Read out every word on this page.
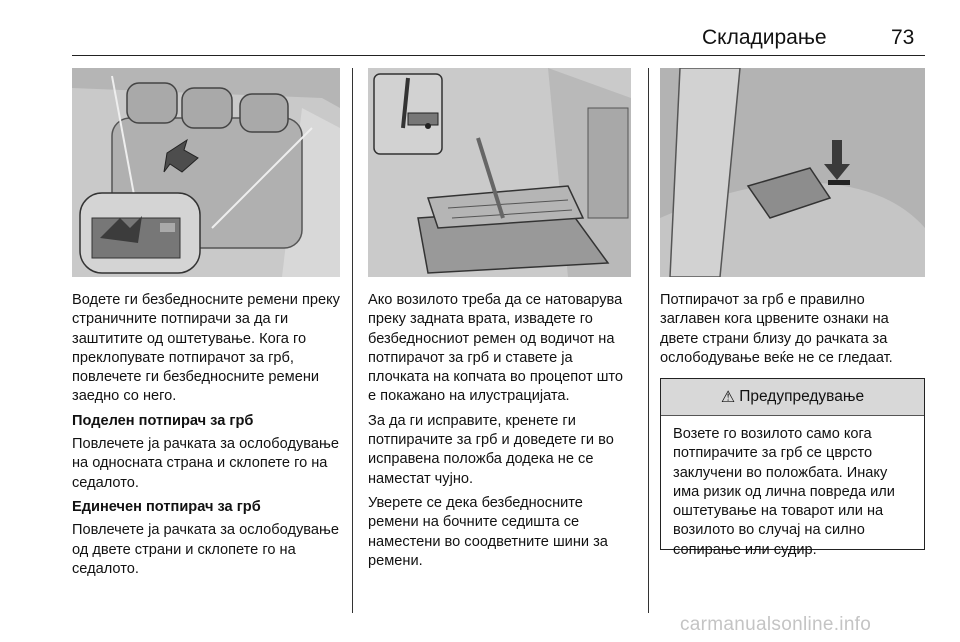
Складирање	73

Водете ги безбедносните ремени преку страничните потпирачи за да ги заштитите од оштетување. Кога го преклопувате потпирачот за грб, повлечете ги безбедносните ремени заедно со него.

Поделен потпирач за грб

Повлечете ја рачката за ослободување на односната страна и склопете го на седалото.

Единечен потпирач за грб

Повлечете ја рачката за ослободување од двете страни и склопете го на седалото.

Ако возилото треба да се натоварува преку задната врата, извадете го безбедносниот ремен од водичот на потпирачот за грб и ставете ја плочката на копчата во процепот што е покажано на илустрацијата.

За да ги исправите, кренете ги потпирачите за грб и доведете ги во исправена положба додека не се наместат чујно.

Уверете се дека безбедносните ремени на бочните седишта се наместени во соодветните шини за ремени.

Потпирачот за грб е правилно заглавен кога црвените ознаки на двете страни близу до рачката за ослободување веќе не се гледаат.

⚠ Предупредување
Возете го возилото само кога потпирачите за грб се цврсто заклучени во положбата. Инаку има ризик од лична повреда или оштетување на товарот или на возилото во случај на силно сопирање или судир.
carmanualsonline.info
